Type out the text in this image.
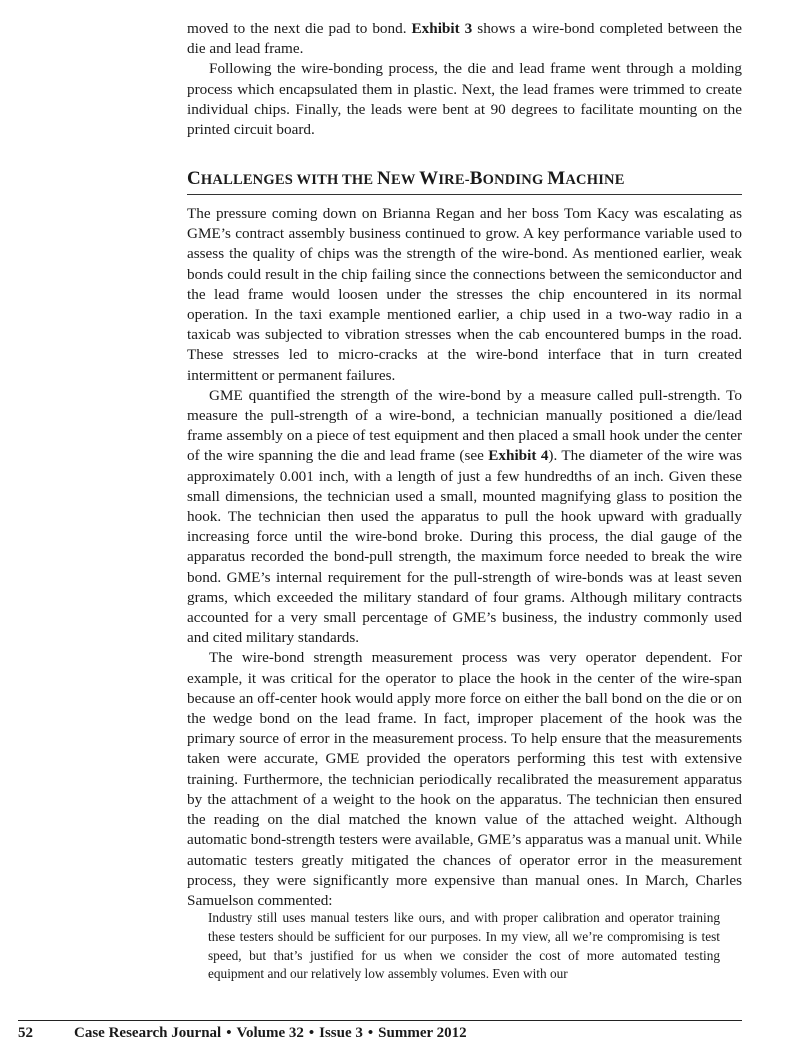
moved to the next die pad to bond. Exhibit 3 shows a wire-bond completed between the die and lead frame.

Following the wire-bonding process, the die and lead frame went through a molding process which encapsulated them in plastic. Next, the lead frames were trimmed to create individual chips. Finally, the leads were bent at 90 degrees to facilitate mounting on the printed circuit board.

CHALLENGES WITH THE NEW WIRE-BONDING MACHINE

The pressure coming down on Brianna Regan and her boss Tom Kacy was escalating as GME’s contract assembly business continued to grow. A key performance variable used to assess the quality of chips was the strength of the wire-bond. As mentioned earlier, weak bonds could result in the chip failing since the connections between the semiconductor and the lead frame would loosen under the stresses the chip encountered in its normal operation. In the taxi example mentioned earlier, a chip used in a two-way radio in a taxicab was subjected to vibration stresses when the cab encountered bumps in the road. These stresses led to micro-cracks at the wire-bond interface that in turn created intermittent or permanent failures.

GME quantified the strength of the wire-bond by a measure called pull-strength. To measure the pull-strength of a wire-bond, a technician manually positioned a die/lead frame assembly on a piece of test equipment and then placed a small hook under the center of the wire spanning the die and lead frame (see Exhibit 4). The diameter of the wire was approximately 0.001 inch, with a length of just a few hundredths of an inch. Given these small dimensions, the technician used a small, mounted magnifying glass to position the hook. The technician then used the apparatus to pull the hook upward with gradually increasing force until the wire-bond broke. During this process, the dial gauge of the apparatus recorded the bond-pull strength, the maximum force needed to break the wire bond. GME’s internal requirement for the pull-strength of wire-bonds was at least seven grams, which exceeded the military standard of four grams. Although military contracts accounted for a very small percentage of GME’s business, the industry commonly used and cited military standards.

The wire-bond strength measurement process was very operator dependent. For example, it was critical for the operator to place the hook in the center of the wire-span because an off-center hook would apply more force on either the ball bond on the die or on the wedge bond on the lead frame. In fact, improper placement of the hook was the primary source of error in the measurement process. To help ensure that the measurements taken were accurate, GME provided the operators performing this test with extensive training. Furthermore, the technician periodically recalibrated the measurement apparatus by the attachment of a weight to the hook on the apparatus. The technician then ensured the reading on the dial matched the known value of the attached weight. Although automatic bond-strength testers were available, GME’s apparatus was a manual unit. While automatic testers greatly mitigated the chances of operator error in the measurement process, they were significantly more expensive than manual ones. In March, Charles Samuelson commented:

Industry still uses manual testers like ours, and with proper calibration and operator training these testers should be sufficient for our purposes. In my view, all we’re compromising is test speed, but that’s justified for us when we consider the cost of more automated testing equipment and our relatively low assembly volumes. Even with our

52	Case Research Journal • Volume 32 • Issue 3 • Summer 2012
